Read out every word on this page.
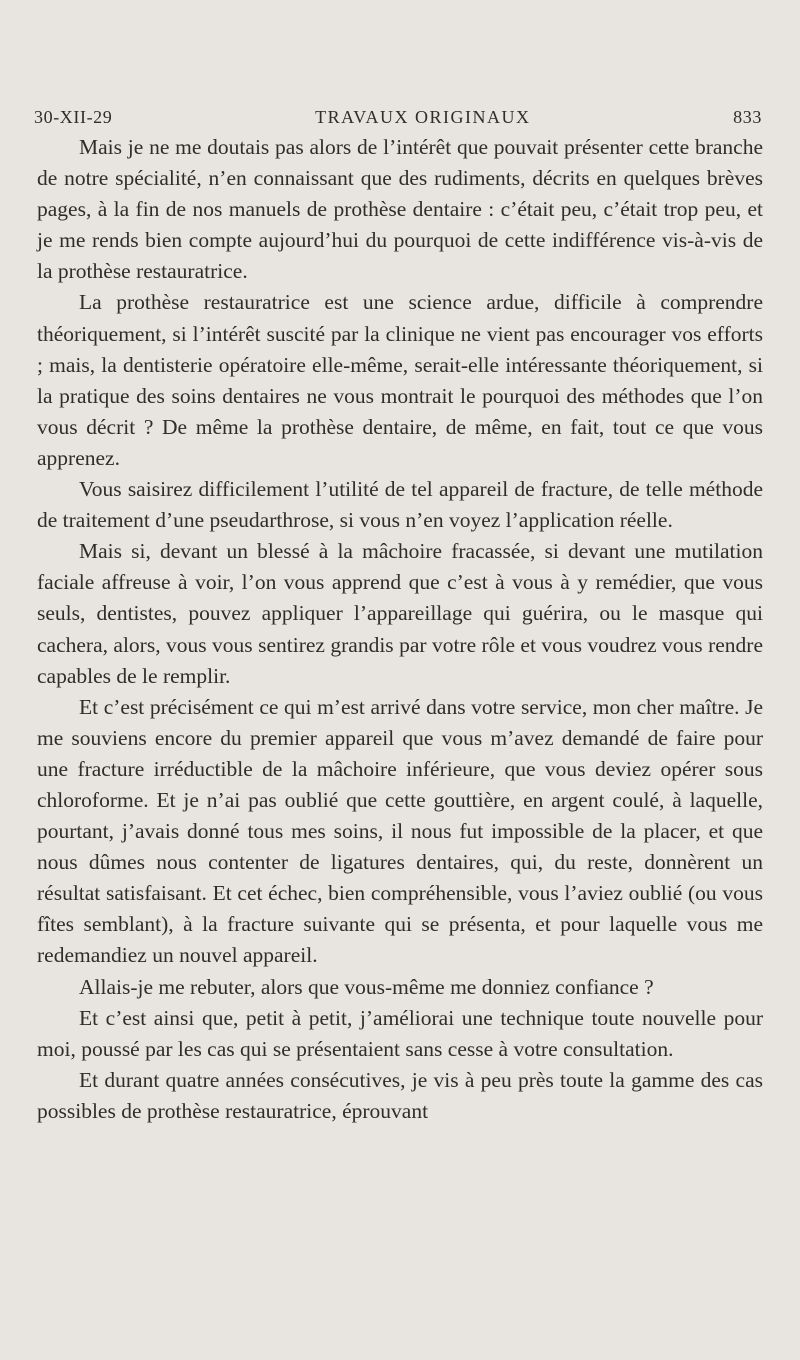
30-XII-29	TRAVAUX ORIGINAUX	833

Mais je ne me doutais pas alors de l’intérêt que pouvait présenter cette branche de notre spécialité, n’en connaissant que des rudiments, décrits en quelques brèves pages, à la fin de nos manuels de prothèse dentaire : c’était peu, c’était trop peu, et je me rends bien compte aujourd’hui du pourquoi de cette indifférence vis-à-vis de la prothèse restauratrice.

La prothèse restauratrice est une science ardue, difficile à comprendre théoriquement, si l’intérêt suscité par la clinique ne vient pas encourager vos efforts ; mais, la dentisterie opératoire elle-même, serait-elle intéressante théoriquement, si la pratique des soins dentaires ne vous montrait le pourquoi des méthodes que l’on vous décrit ? De même la prothèse dentaire, de même, en fait, tout ce que vous apprenez.

Vous saisirez difficilement l’utilité de tel appareil de fracture, de telle méthode de traitement d’une pseudarthrose, si vous n’en voyez l’application réelle.

Mais si, devant un blessé à la mâchoire fracassée, si devant une mutilation faciale affreuse à voir, l’on vous apprend que c’est à vous à y remédier, que vous seuls, dentistes, pouvez appliquer l’appareillage qui guérira, ou le masque qui cachera, alors, vous vous sentirez grandis par votre rôle et vous voudrez vous rendre capables de le remplir.

Et c’est précisément ce qui m’est arrivé dans votre service, mon cher maître. Je me souviens encore du premier appareil que vous m’avez demandé de faire pour une fracture irréductible de la mâchoire inférieure, que vous deviez opérer sous chloroforme. Et je n’ai pas oublié que cette gouttière, en argent coulé, à laquelle, pourtant, j’avais donné tous mes soins, il nous fut impossible de la placer, et que nous dûmes nous contenter de ligatures dentaires, qui, du reste, donnèrent un résultat satisfaisant. Et cet échec, bien compréhensible, vous l’aviez oublié (ou vous fîtes semblant), à la fracture suivante qui se présenta, et pour laquelle vous me redemandiez un nouvel appareil.

Allais-je me rebuter, alors que vous-même me donniez confiance ?

Et c’est ainsi que, petit à petit, j’améliorai une technique toute nouvelle pour moi, poussé par les cas qui se présentaient sans cesse à votre consultation.

Et durant quatre années consécutives, je vis à peu près toute la gamme des cas possibles de prothèse restauratrice, éprouvant
